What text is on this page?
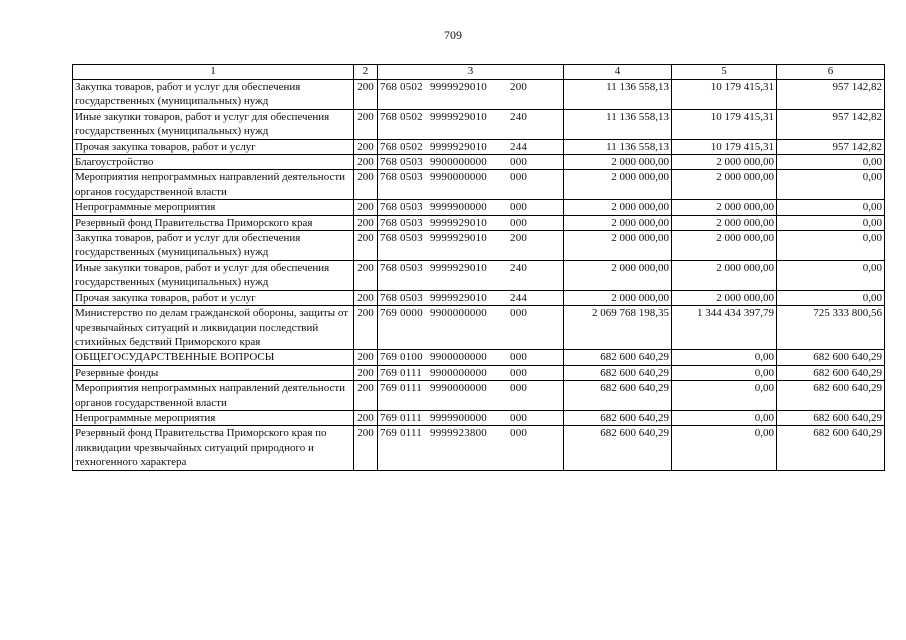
709
1	2	3	4	5	6
Закупка товаров, работ и услуг для обеспечения государственных (муниципальных) нужд	200	768 0502 9999929010 200	11 136 558,13	10 179 415,31	957 142,82
Иные закупки товаров, работ и услуг для обеспечения государственных (муниципальных) нужд	200	768 0502 9999929010 240	11 136 558,13	10 179 415,31	957 142,82
Прочая закупка товаров, работ и услуг	200	768 0502 9999929010 244	11 136 558,13	10 179 415,31	957 142,82
Благоустройство	200	768 0503 9900000000 000	2 000 000,00	2 000 000,00	0,00
Мероприятия непрограммных направлений деятельности органов государственной власти	200	768 0503 9990000000 000	2 000 000,00	2 000 000,00	0,00
Непрограммные мероприятия	200	768 0503 9999900000 000	2 000 000,00	2 000 000,00	0,00
Резервный фонд Правительства Приморского края	200	768 0503 9999929010 000	2 000 000,00	2 000 000,00	0,00
Закупка товаров, работ и услуг для обеспечения государственных (муниципальных) нужд	200	768 0503 9999929010 200	2 000 000,00	2 000 000,00	0,00
Иные закупки товаров, работ и услуг для обеспечения государственных (муниципальных) нужд	200	768 0503 9999929010 240	2 000 000,00	2 000 000,00	0,00
Прочая закупка товаров, работ и услуг	200	768 0503 9999929010 244	2 000 000,00	2 000 000,00	0,00
Министерство по делам гражданской обороны, защиты от чрезвычайных ситуаций и ликвидации последствий стихийных бедствий Приморского края	200	769 0000 9900000000 000	2 069 768 198,35	1 344 434 397,79	725 333 800,56
ОБЩЕГОСУДАРСТВЕННЫЕ ВОПРОСЫ	200	769 0100 9900000000 000	682 600 640,29	0,00	682 600 640,29
Резервные фонды	200	769 0111 9900000000 000	682 600 640,29	0,00	682 600 640,29
Мероприятия непрограммных направлений деятельности органов государственной власти	200	769 0111 9990000000 000	682 600 640,29	0,00	682 600 640,29
Непрограммные мероприятия	200	769 0111 9999900000 000	682 600 640,29	0,00	682 600 640,29
Резервный фонд Правительства Приморского края по ликвидации чрезвычайных ситуаций природного и техногенного характера	200	769 0111 9999923800 000	682 600 640,29	0,00	682 600 640,29
